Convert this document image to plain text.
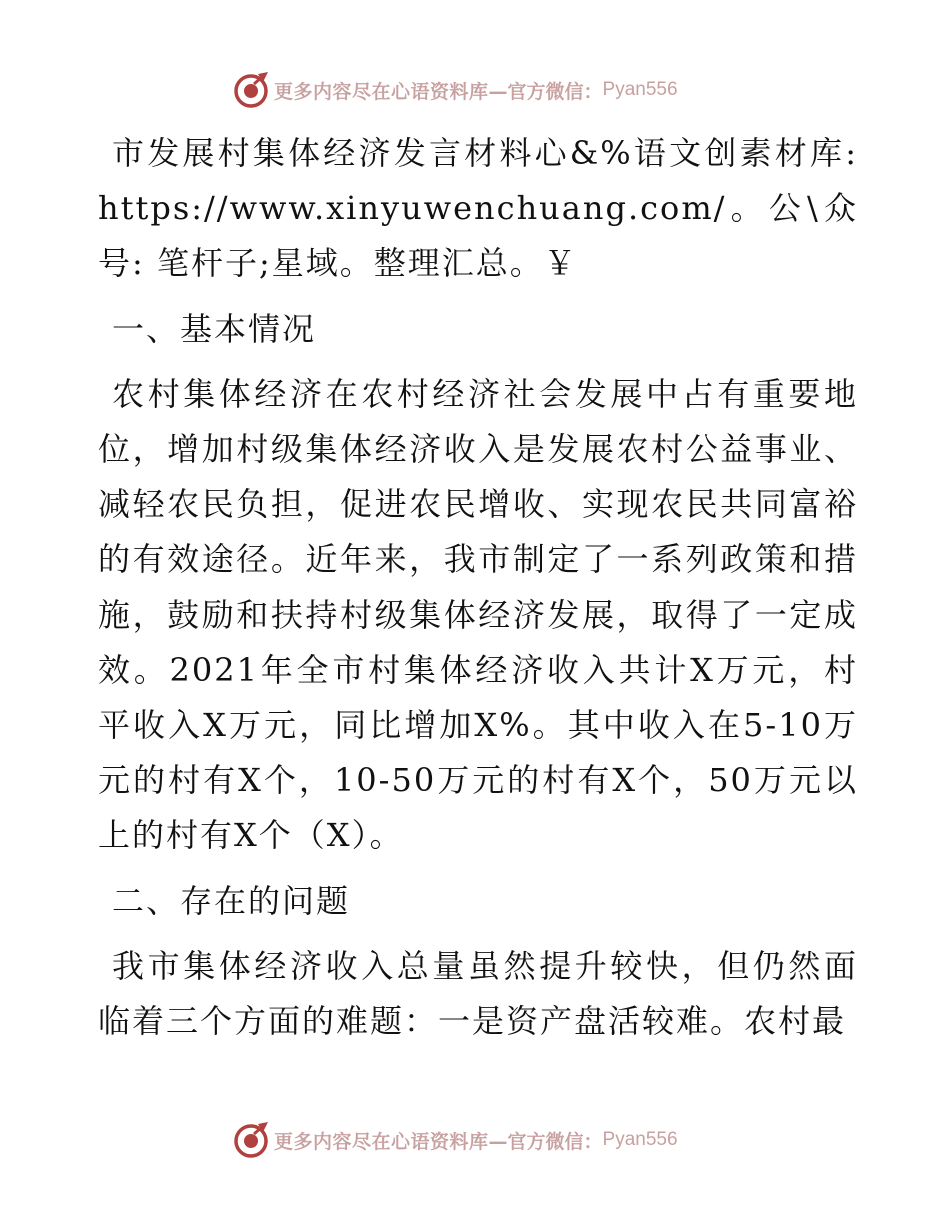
更多内容尽在心语资料库 —官方微信： Pyan556

市发展村集体经济发言材料心&%语文创素材库: https://www.xinyuwenchuang.com/。公\众号: 笔杆子;星域。整理汇总。￥

一、基本情况

农村集体经济在农村经济社会发展中占有重要地位，增加村级集体经济收入是发展农村公益事业、减轻农民负担，促进农民增收、实现农民共同富裕的有效途径。近年来，我市制定了一系列政策和措施，鼓励和扶持村级集体经济发展，取得了一定成效。2021年全市村集体经济收入共计X万元，村平收入X万元，同比增加X%。其中收入在5-10万元的村有X个，10-50万元的村有X个，50万元以上的村有X个（X）。

二、存在的问题

我市集体经济收入总量虽然提升较快，但仍然面临着三个方面的难题：一是资产盘活较难。农村最

更多内容尽在心语资料库 —官方微信： Pyan556
